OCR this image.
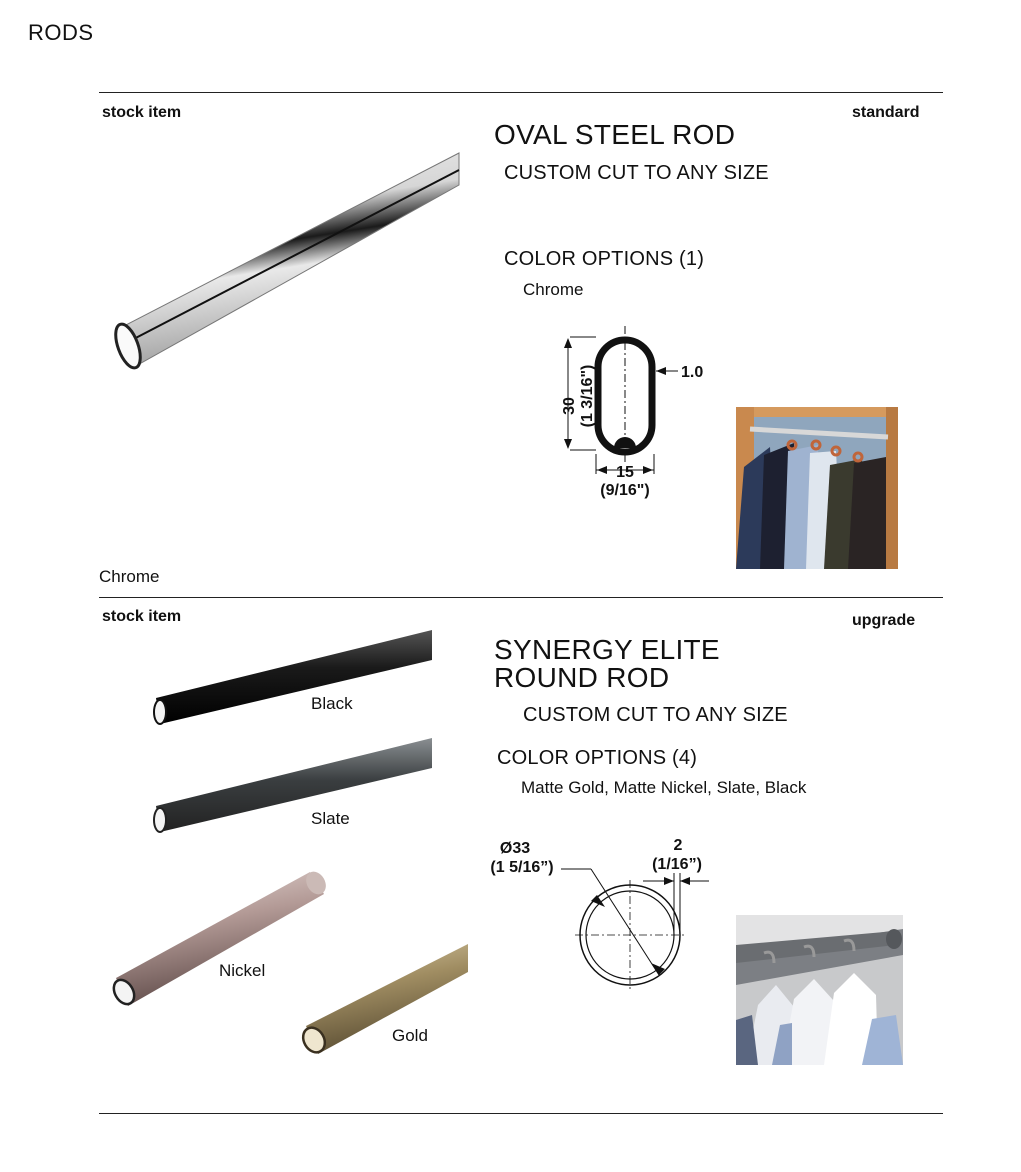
RODS
stock item	standard
Chrome
OVAL STEEL ROD
CUSTOM CUT TO ANY SIZE
COLOR OPTIONS (1)
Chrome
30 (1 3/16")	1.0
15
(9/16")
stock item	upgrade
Black
Slate
Nickel
Gold
SYNERGY ELITE
ROUND ROD
CUSTOM CUT TO ANY SIZE
COLOR OPTIONS (4)
Matte Gold, Matte Nickel, Slate, Black
Ø33
(1 5/16”)
2
(1/16”)
